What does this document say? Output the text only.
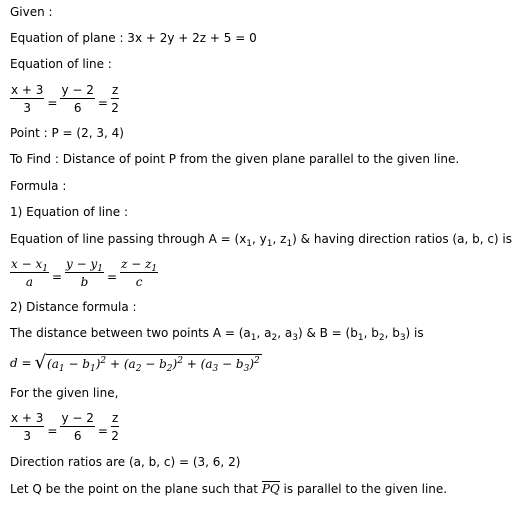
Given :
Equation of plane : 3x + 2y + 2z + 5 = 0
Equation of line :
$\frac{x + 3}{3} = \frac{y - 2}{6} = \frac{z}{2}$
Point : P = (2, 3, 4)
To Find : Distance of point P from the given plane parallel to the given line.
Formula :
1) Equation of line :
Equation of line passing through $A = (x_1$, $y_1$, $z_1$) & having direction ratios (a, b, c) is
$\frac{x - x_1}{a} = \frac{y - y_1}{b} = \frac{z - z_1}{c}$
2) Distance formula :
The distance between two points $A = (a_1$, $a_2$, $a_3$) & $B = (b_1$, $b_2$, $b_3$) is
d = √ $(a_1 - b_1)^2 + (a_2 - b_2)^2 + (a_3 - b_3)^2$
For the given line,
$\frac{x + 3}{3} = \frac{y - 2}{6} = \frac{z}{2}$
Direction ratios are (a, b, c) = (3, 6, 2)
Let Q be the point on the plane such that PQ is parallel to the given line.
